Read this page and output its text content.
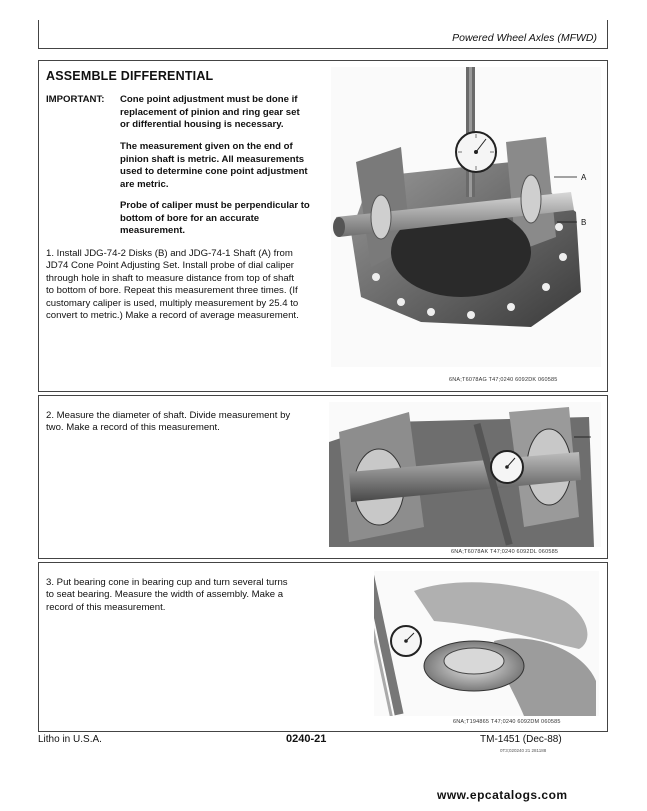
Powered Wheel Axles (MFWD)
ASSEMBLE DIFFERENTIAL
IMPORTANT: Cone point adjustment must be done if
replacement of pinion and ring gear set
or differential housing is necessary.
The measurement given on the end of
pinion shaft is metric. All measurements
used to determine cone point adjustment
are metric.
Probe of caliper must be perpendicular to
bottom of bore for an accurate
measurement.
1. Install JDG-74-2 Disks (B) and JDG-74-1 Shaft (A) from
JD74 Cone Point Adjusting Set. Install probe of dial caliper
through hole in shaft to measure distance from top of shaft
to bottom of bore. Repeat this measurement three times. (If
customary caliper is used, multiply measurement by 25.4 to
convert to metric.) Make a record of average measurement.
A
B
6NA;T6078AG T47;0240 6092DK 060585
2. Measure the diameter of shaft. Divide measurement by
two. Make a record of this measurement.
6NA;T6078AK T47;0240 6092DL 060585
3. Put bearing cone in bearing cup and turn several turns
to seat bearing. Measure the width of assembly. Make a
record of this measurement.
6NA;T194865 T47;0240 6092DM 060585
Litho in U.S.A.	0240-21	TM-1451 (Dec-88)
0T3;020240 21 281188
www.epcatalogs.com
